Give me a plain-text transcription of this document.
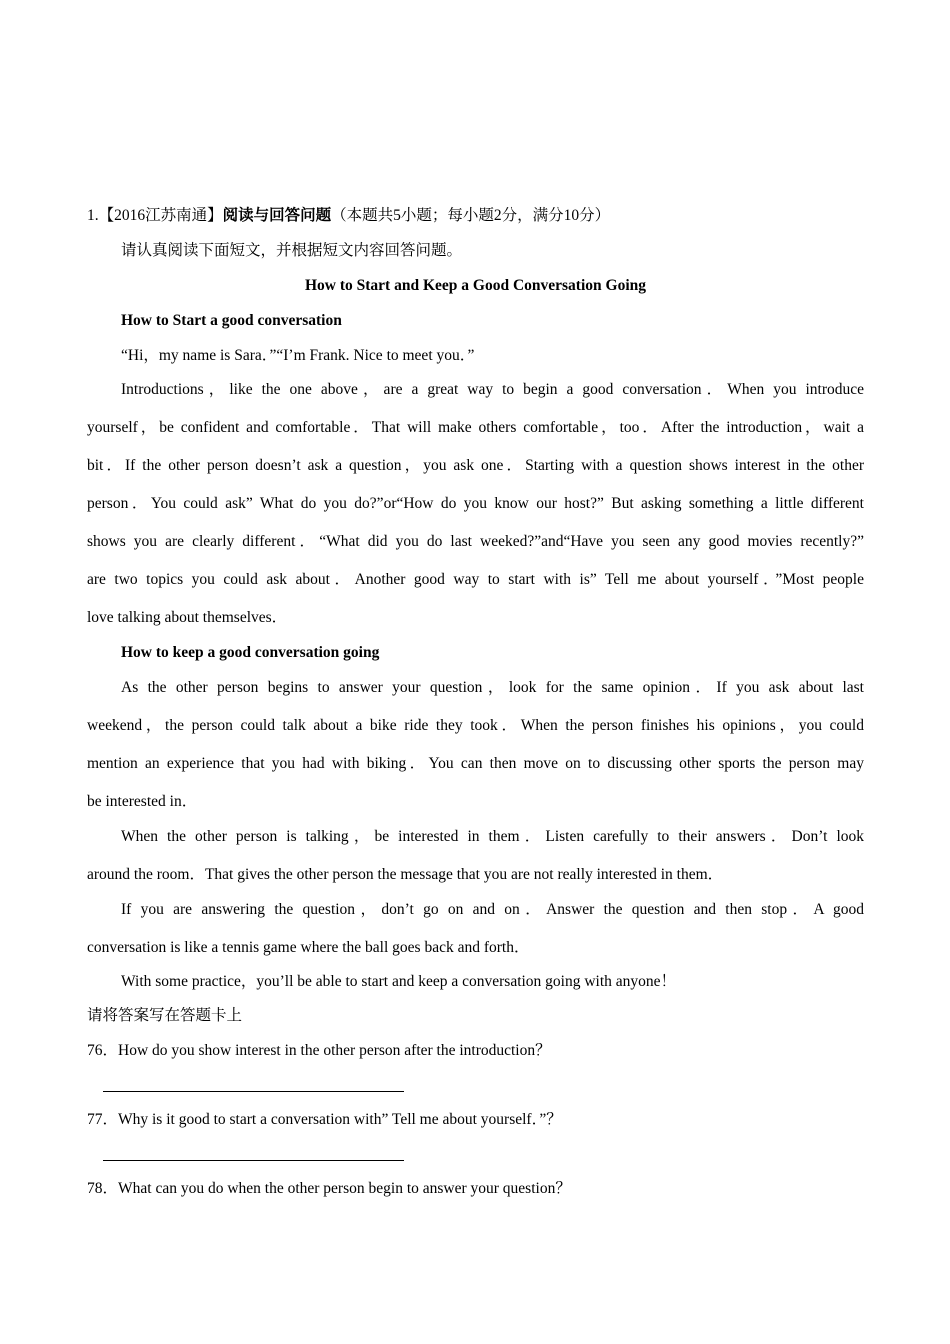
1.【2016江苏南通】阅读与回答问题（本题共5小题；每小题2分，满分10分）
请认真阅读下面短文，并根据短文内容回答问题。
How to Start and Keep a Good Conversation Going
How to Start a good conversation
“Hi，my name is Sara．”“I’m Frank. Nice to meet you．”
Introductions，like the one above，are a great way to begin a good conversation．When you introduce
yourself，be confident and comfortable．That will make others comfortable，too．After the introduction，wait a
bit．If the other person doesn’t ask a question，you ask one．Starting with a question shows interest in the other
person．You could ask” What do you do?”or“How do you know our host?” But asking something a little different
shows you are clearly different．“What did you do last weeked?”and“Have you seen any good movies recently?”
are two topics you could ask about．Another good way to start with is” Tell me about yourself．”Most people
love talking about themselves．
How to keep a good conversation going
As the other person begins to answer your question，look for the same opinion．If you ask about last
weekend，the person could talk about a bike ride they took．When the person finishes his opinions，you could
mention an experience that you had with biking．You can then move on to discussing other sports the person may
be interested in．
When the other person is talking，be interested in them．Listen carefully to their answers．Don’t look
around the room．That gives the other person the message that you are not really interested in them．
If you are answering the question，don’t go on and on．Answer the question and then stop．A good
conversation is like a tennis game where the ball goes back and forth．
With some practice，you’ll be able to start and keep a conversation going with anyone！
请将答案写在答题卡上
76．How do you show interest in the other person after the introduction？
77．Why is it good to start a conversation with” Tell me about yourself．”？
78．What can you do when the other person begin to answer your question？
